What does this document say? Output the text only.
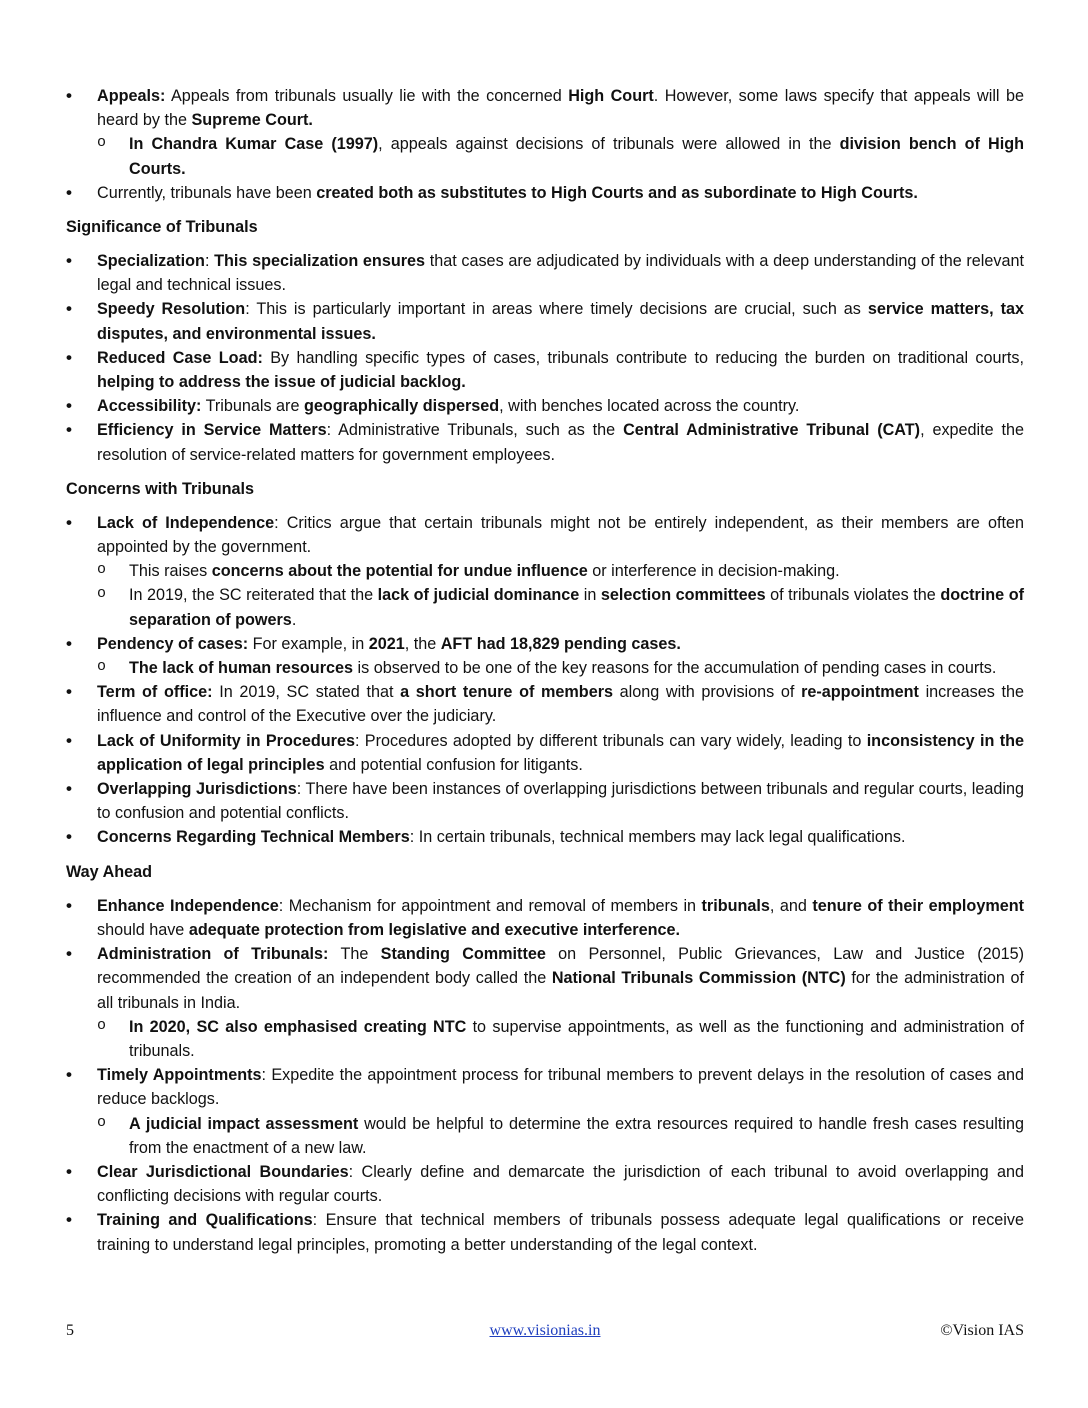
• Appeals: Appeals from tribunals usually lie with the concerned High Court. However, some laws specify that appeals will be heard by the Supreme Court.
o In Chandra Kumar Case (1997), appeals against decisions of tribunals were allowed in the division bench of High Courts.
• Currently, tribunals have been created both as substitutes to High Courts and as subordinate to High Courts.
Significance of Tribunals
• Specialization: This specialization ensures that cases are adjudicated by individuals with a deep understanding of the relevant legal and technical issues.
• Speedy Resolution: This is particularly important in areas where timely decisions are crucial, such as service matters, tax disputes, and environmental issues.
• Reduced Case Load: By handling specific types of cases, tribunals contribute to reducing the burden on traditional courts, helping to address the issue of judicial backlog.
• Accessibility: Tribunals are geographically dispersed, with benches located across the country.
• Efficiency in Service Matters: Administrative Tribunals, such as the Central Administrative Tribunal (CAT), expedite the resolution of service-related matters for government employees.
Concerns with Tribunals
• Lack of Independence: Critics argue that certain tribunals might not be entirely independent, as their members are often appointed by the government.
o This raises concerns about the potential for undue influence or interference in decision-making.
o In 2019, the SC reiterated that the lack of judicial dominance in selection committees of tribunals violates the doctrine of separation of powers.
• Pendency of cases: For example, in 2021, the AFT had 18,829 pending cases.
o The lack of human resources is observed to be one of the key reasons for the accumulation of pending cases in courts.
• Term of office: In 2019, SC stated that a short tenure of members along with provisions of re-appointment increases the influence and control of the Executive over the judiciary.
• Lack of Uniformity in Procedures: Procedures adopted by different tribunals can vary widely, leading to inconsistency in the application of legal principles and potential confusion for litigants.
• Overlapping Jurisdictions: There have been instances of overlapping jurisdictions between tribunals and regular courts, leading to confusion and potential conflicts.
• Concerns Regarding Technical Members: In certain tribunals, technical members may lack legal qualifications.
Way Ahead
• Enhance Independence: Mechanism for appointment and removal of members in tribunals, and tenure of their employment should have adequate protection from legislative and executive interference.
• Administration of Tribunals: The Standing Committee on Personnel, Public Grievances, Law and Justice (2015) recommended the creation of an independent body called the National Tribunals Commission (NTC) for the administration of all tribunals in India.
o In 2020, SC also emphasised creating NTC to supervise appointments, as well as the functioning and administration of tribunals.
• Timely Appointments: Expedite the appointment process for tribunal members to prevent delays in the resolution of cases and reduce backlogs.
o A judicial impact assessment would be helpful to determine the extra resources required to handle fresh cases resulting from the enactment of a new law.
• Clear Jurisdictional Boundaries: Clearly define and demarcate the jurisdiction of each tribunal to avoid overlapping and conflicting decisions with regular courts.
• Training and Qualifications: Ensure that technical members of tribunals possess adequate legal qualifications or receive training to understand legal principles, promoting a better understanding of the legal context.
5	www.visionias.in	©Vision IAS
